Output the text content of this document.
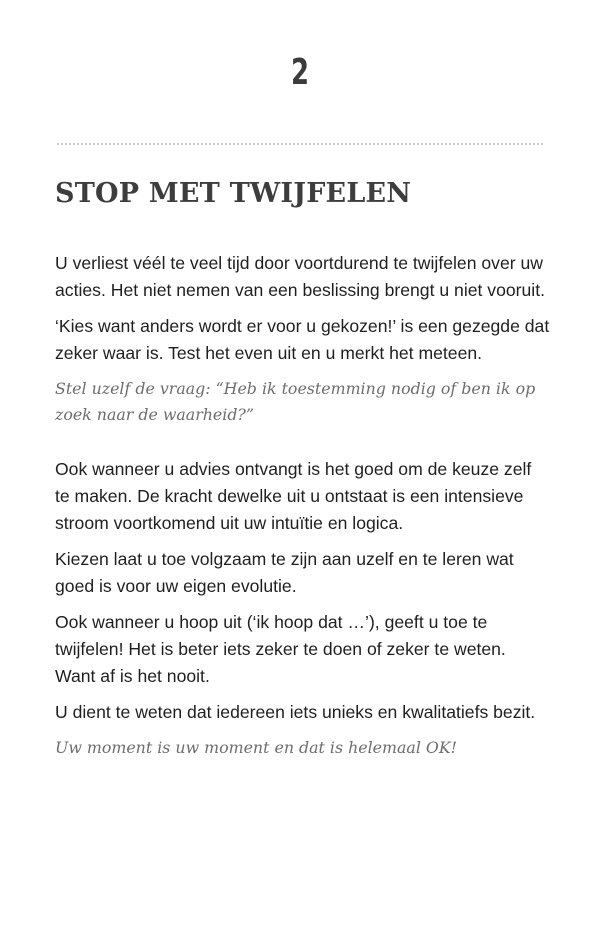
2
STOP MET TWIJFELEN

U verliest véél te veel tijd door voortdurend te twijfelen over uw acties. Het niet nemen van een beslissing brengt u niet vooruit.

‘Kies want anders wordt er voor u gekozen!’ is een gezegde dat zeker waar is. Test het even uit en u merkt het meteen.

Stel uzelf de vraag: “Heb ik toestemming nodig of ben ik op zoek naar de waarheid?”

Ook wanneer u advies ontvangt is het goed om de keuze zelf te maken. De kracht dewelke uit u ontstaat is een intensieve stroom voortkomend uit uw intuïtie en logica.

Kiezen laat u toe volgzaam te zijn aan uzelf en te leren wat goed is voor uw eigen evolutie.

Ook wanneer u hoop uit (‘ik hoop dat …’), geeft u toe te twijfelen! Het is beter iets zeker te doen of zeker te weten. Want af is het nooit.

U dient te weten dat iedereen iets unieks en kwalitatiefs bezit.

Uw moment is uw moment en dat is helemaal OK!
